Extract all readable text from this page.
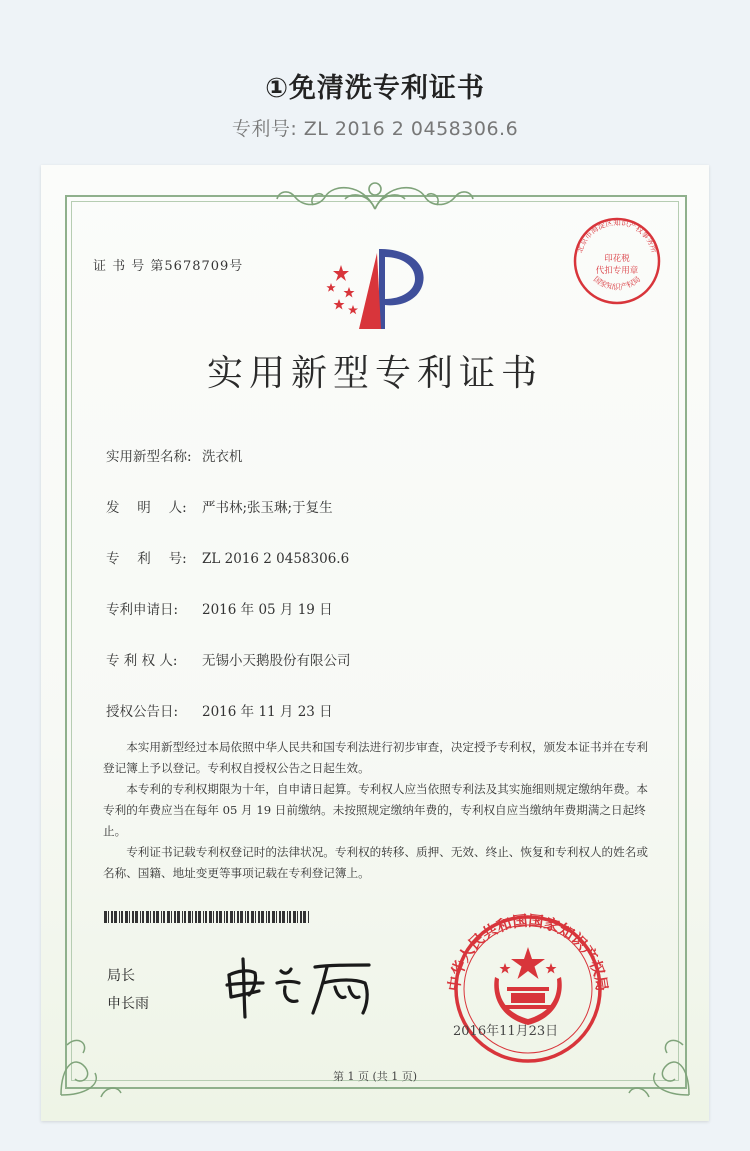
①免清洗专利证书
专利号: ZL 2016 2 0458306.6
证 书 号 第5678709号
北京市海淀区知识产权事务所
印花税
代扣专用章
国家知识产权局
实用新型专利证书
实用新型名称: 洗衣机
发　 明　 人: 严书林;张玉琳;于复生
专　 利　 号: ZL 2016 2 0458306.6
专利申请日: 2016 年 05 月 19 日
专 利 权 人: 无锡小天鹅股份有限公司
授权公告日: 2016 年 11 月 23 日

本实用新型经过本局依照中华人民共和国专利法进行初步审查，决定授予专利权，颁发本证书并在专利登记簿上予以登记。专利权自授权公告之日起生效。

本专利的专利权期限为十年，自申请日起算。专利权人应当依照专利法及其实施细则规定缴纳年费。本专利的年费应当在每年 05 月 19 日前缴纳。未按照规定缴纳年费的，专利权自应当缴纳年费期满之日起终止。

专利证书记载专利权登记时的法律状况。专利权的转移、质押、无效、终止、恢复和专利权人的姓名或名称、国籍、地址变更等事项记载在专利登记簿上。

局长
申长雨
中华人民共和国国家知识产权局
2016年11月23日
第 1 页 (共 1 页)
